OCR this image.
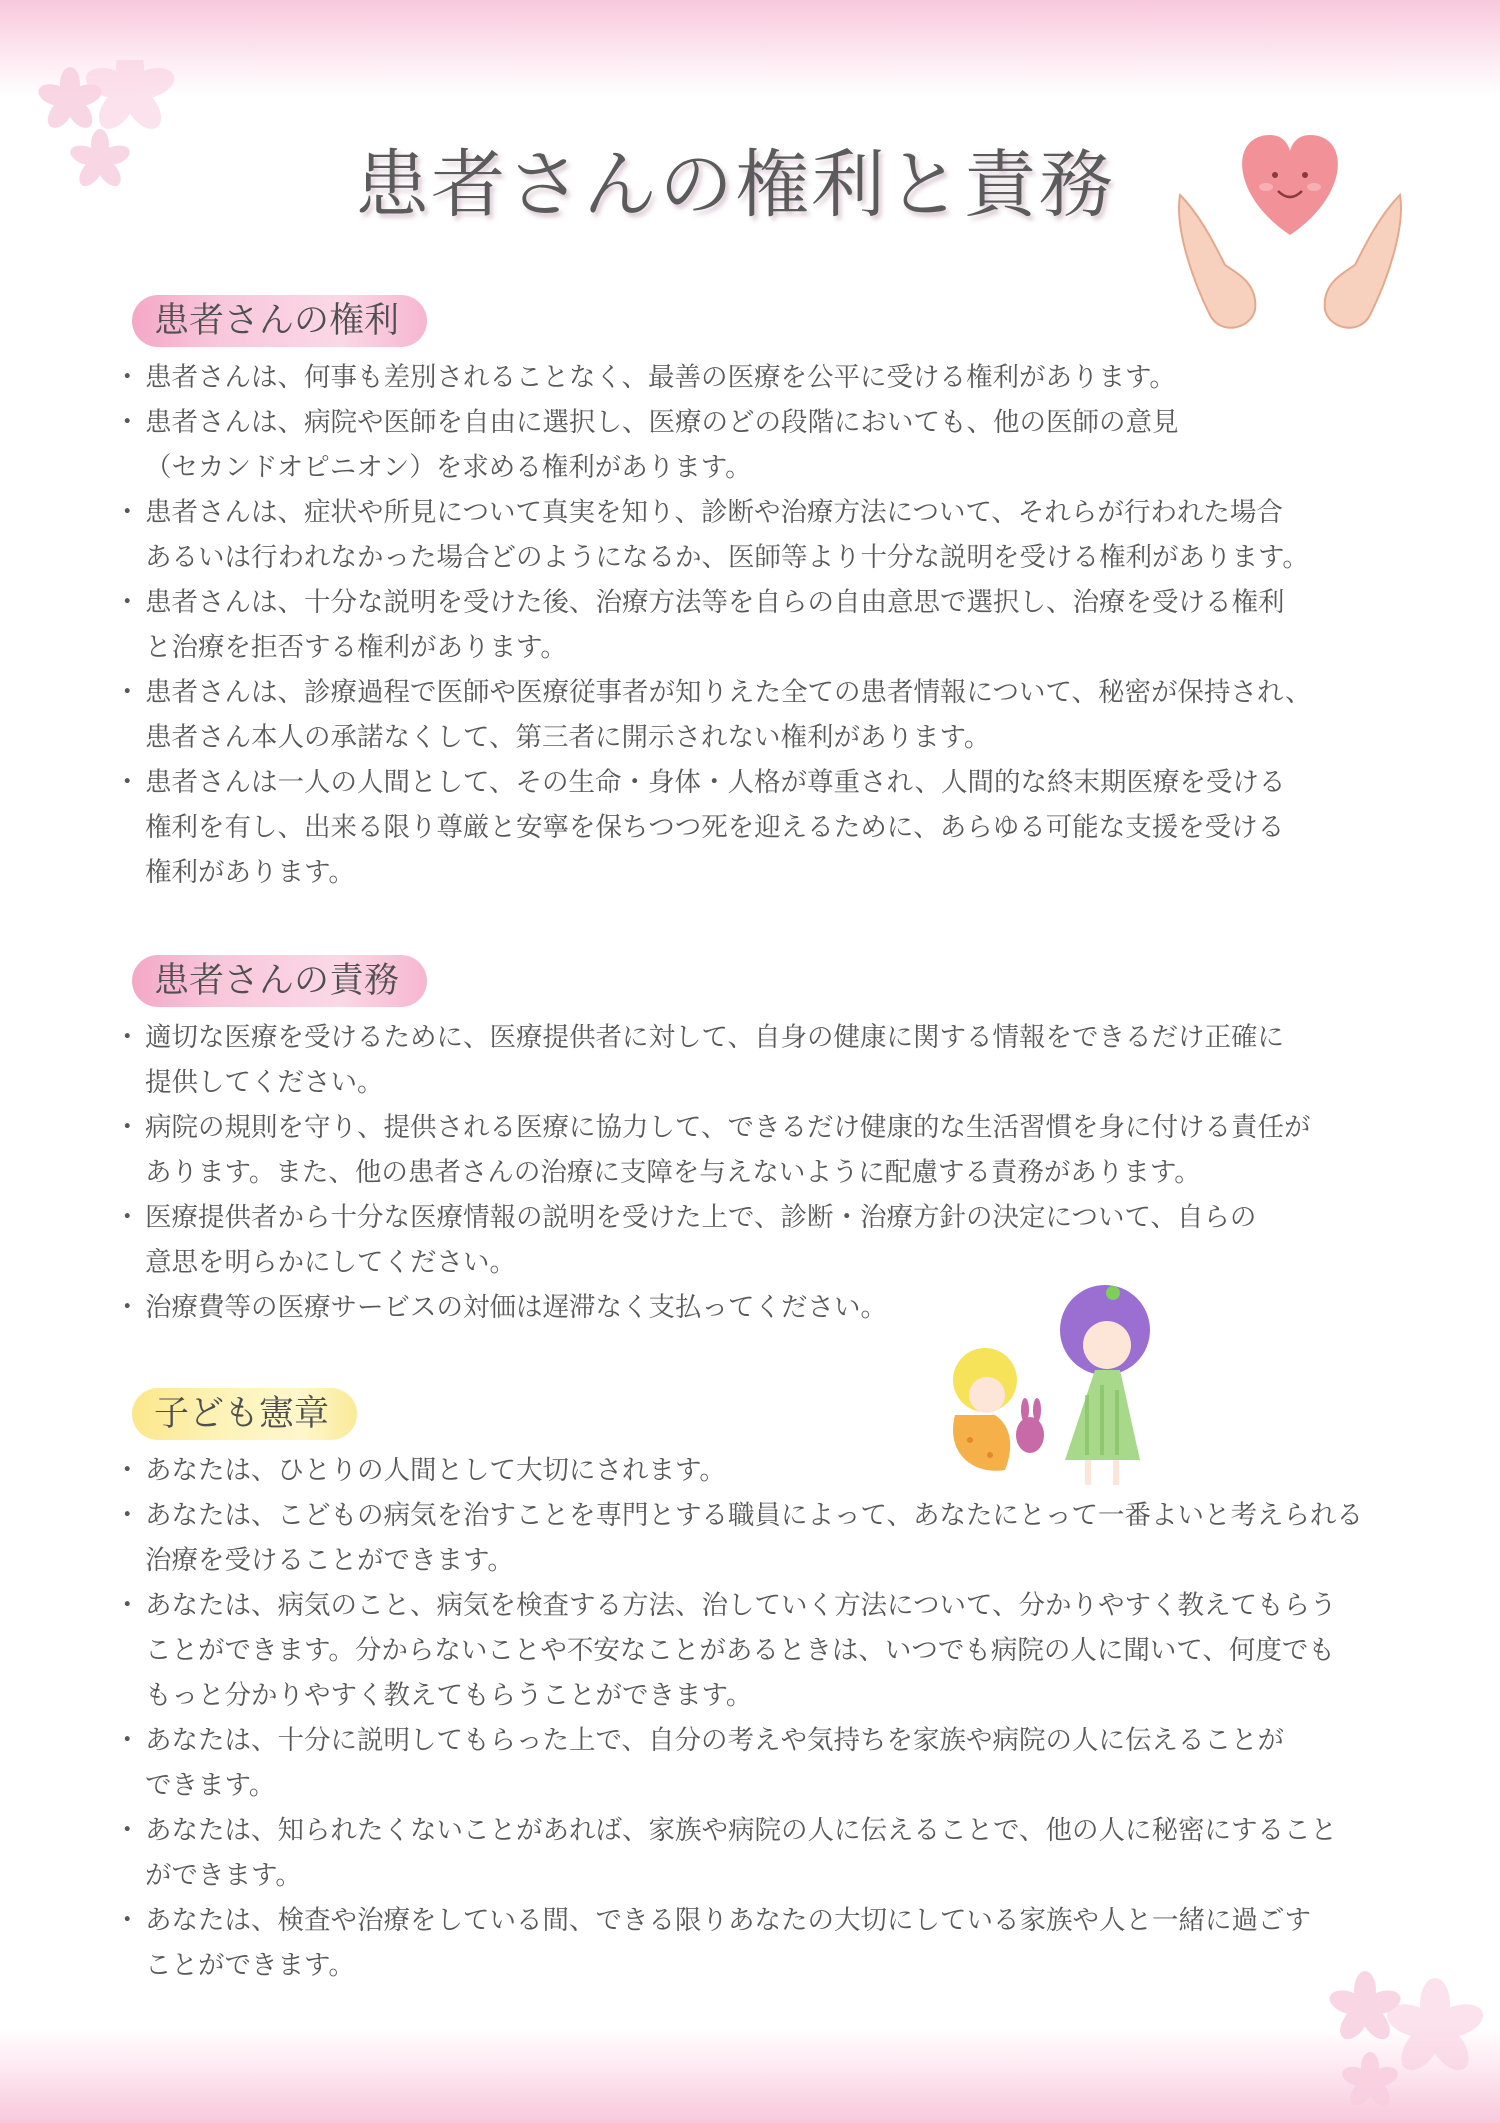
患者さんの権利と責務
患者さんの権利
・ 患者さんは、何事も差別されることなく、最善の医療を公平に受ける権利があります。
・ 患者さんは、病院や医師を自由に選択し、医療のどの段階においても、他の医師の意見
（セカンドオピニオン）を求める権利があります。
・ 患者さんは、症状や所見について真実を知り、診断や治療方法について、それらが行われた場合
あるいは行われなかった場合どのようになるか、医師等より十分な説明を受ける権利があります。
・ 患者さんは、十分な説明を受けた後、治療方法等を自らの自由意思で選択し、治療を受ける権利
と治療を拒否する権利があります。
・ 患者さんは、診療過程で医師や医療従事者が知りえた全ての患者情報について、秘密が保持され、
患者さん本人の承諾なくして、第三者に開示されない権利があります。
・ 患者さんは一人の人間として、その生命・身体・人格が尊重され、人間的な終末期医療を受ける
権利を有し、出来る限り尊厳と安寧を保ちつつ死を迎えるために、あらゆる可能な支援を受ける
権利があります。
患者さんの責務
・ 適切な医療を受けるために、医療提供者に対して、自身の健康に関する情報をできるだけ正確に
提供してください。
・ 病院の規則を守り、提供される医療に協力して、できるだけ健康的な生活習慣を身に付ける責任が
あります。また、他の患者さんの治療に支障を与えないように配慮する責務があります。
・ 医療提供者から十分な医療情報の説明を受けた上で、診断・治療方針の決定について、自らの
意思を明らかにしてください。
・ 治療費等の医療サービスの対価は遅滞なく支払ってください。
子ども憲章
・ あなたは、ひとりの人間として大切にされます。
・ あなたは、こどもの病気を治すことを専門とする職員によって、あなたにとって一番よいと考えられる
治療を受けることができます。
・ あなたは、病気のこと、病気を検査する方法、治していく方法について、分かりやすく教えてもらう
ことができます。分からないことや不安なことがあるときは、いつでも病院の人に聞いて、何度でも
もっと分かりやすく教えてもらうことができます。
・ あなたは、十分に説明してもらった上で、自分の考えや気持ちを家族や病院の人に伝えることが
できます。
・ あなたは、知られたくないことがあれば、家族や病院の人に伝えることで、他の人に秘密にすること
ができます。
・ あなたは、検査や治療をしている間、できる限りあなたの大切にしている家族や人と一緒に過ごす
ことができます。
